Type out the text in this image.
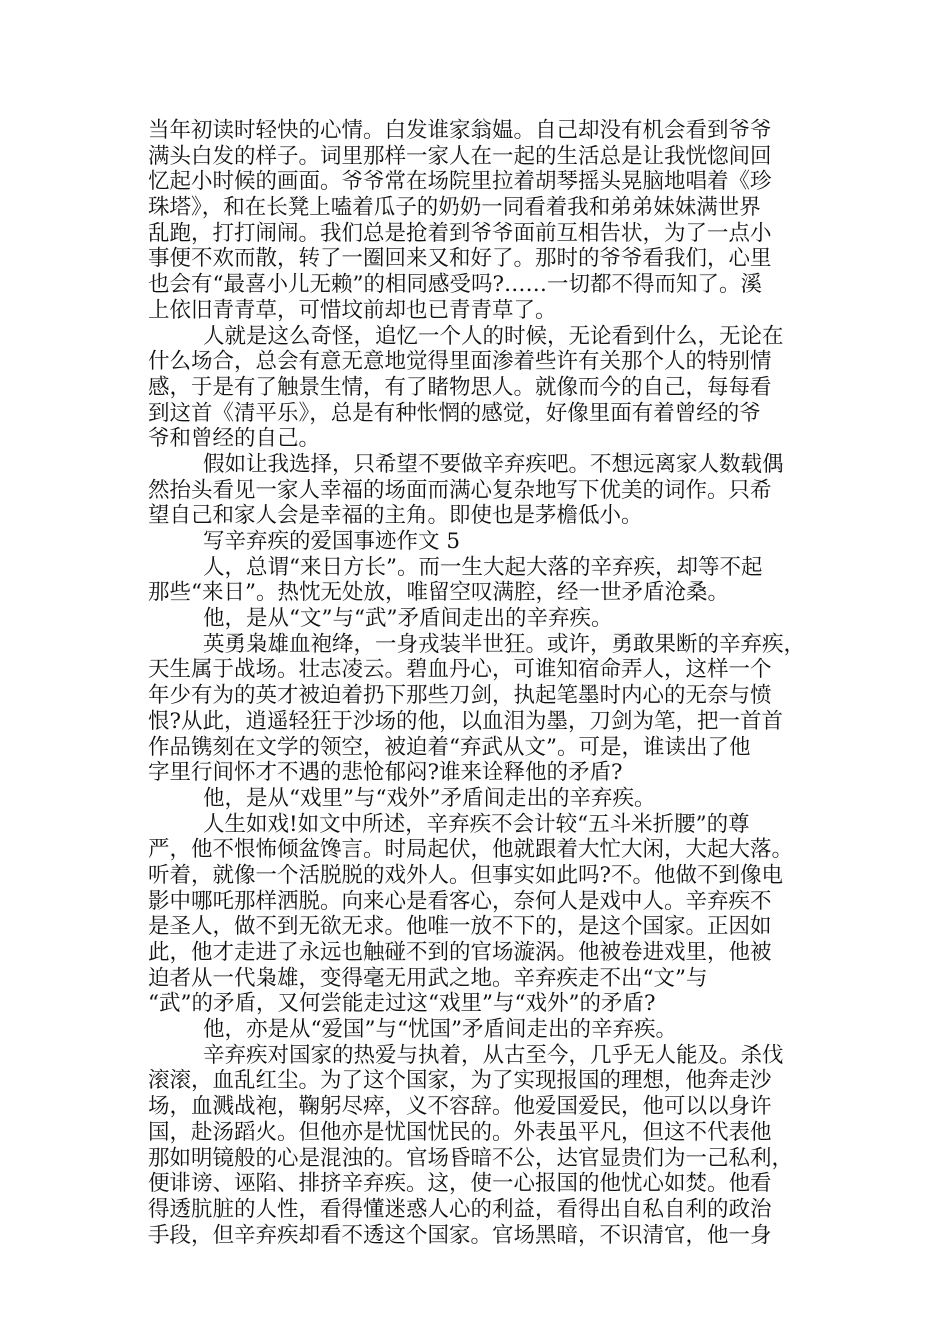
当年初读时轻快的心情。白发谁家翁媪。自己却没有机会看到爷爷
满头白发的样子。词里那样一家人在一起的生活总是让我恍惚间回
忆起小时候的画面。爷爷常在场院里拉着胡琴摇头晃脑地唱着《珍
珠塔》，和在长凳上嗑着瓜子的奶奶一同看着我和弟弟妹妹满世界
乱跑，打打闹闹。我们总是抢着到爷爷面前互相告状，为了一点小
事便不欢而散，转了一圈回来又和好了。那时的爷爷看我们，心里
也会有“最喜小儿无赖”的相同感受吗?……一切都不得而知了。溪
上依旧青青草，可惜坟前却也已青青草了。
人就是这么奇怪，追忆一个人的时候，无论看到什么，无论在
什么场合，总会有意无意地觉得里面渗着些许有关那个人的特别情
感，于是有了触景生情，有了睹物思人。就像而今的自己，每每看
到这首《清平乐》，总是有种怅惘的感觉，好像里面有着曾经的爷
爷和曾经的自己。
假如让我选择，只希望不要做辛弃疾吧。不想远离家人数载偶
然抬头看见一家人幸福的场面而满心复杂地写下优美的词作。只希
望自己和家人会是幸福的主角。即使也是茅檐低小。
写辛弃疾的爱国事迹作文 5
人，总谓“来日方长”。而一生大起大落的辛弃疾，却等不起
那些“来日”。热忱无处放，唯留空叹满腔，经一世矛盾沧桑。
他，是从“文”与“武”矛盾间走出的辛弃疾。
英勇枭雄血袍绛，一身戎装半世狂。或许，勇敢果断的辛弃疾，
天生属于战场。壮志凌云。碧血丹心，可谁知宿命弄人，这样一个
年少有为的英才被迫着扔下那些刀剑，执起笔墨时内心的无奈与愤
恨?从此，逍遥轻狂于沙场的他，以血泪为墨，刀剑为笔，把一首首
作品镌刻在文学的领空，被迫着“弃武从文”。可是，谁读出了他
字里行间怀才不遇的悲怆郁闷?谁来诠释他的矛盾?
他，是从“戏里”与“戏外”矛盾间走出的辛弃疾。
人生如戏!如文中所述，辛弃疾不会计较“五斗米折腰”的尊
严，他不恨怖倾盆馋言。时局起伏，他就跟着大忙大闲，大起大落。
听着，就像一个活脱脱的戏外人。但事实如此吗?不。他做不到像电
影中哪吒那样洒脱。向来心是看客心，奈何人是戏中人。辛弃疾不
是圣人，做不到无欲无求。他唯一放不下的，是这个国家。正因如
此，他才走进了永远也触碰不到的官场漩涡。他被卷进戏里，他被
迫者从一代枭雄，变得毫无用武之地。辛弃疾走不出“文”与
“武”的矛盾，又何尝能走过这“戏里”与“戏外”的矛盾?
他，亦是从“爱国”与“忧国”矛盾间走出的辛弃疾。
辛弃疾对国家的热爱与执着，从古至今，几乎无人能及。杀伐
滚滚，血乱红尘。为了这个国家，为了实现报国的理想，他奔走沙
场，血溅战袍，鞠躬尽瘁，义不容辞。他爱国爱民，他可以以身许
国，赴汤蹈火。但他亦是忧国忧民的。外表虽平凡，但这不代表他
那如明镜般的心是混浊的。官场昏暗不公，达官显贵们为一己私利，
便诽谤、诬陷、排挤辛弃疾。这，使一心报国的他忧心如焚。他看
得透肮脏的人性，看得懂迷惑人心的利益，看得出自私自利的政治
手段，但辛弃疾却看不透这个国家。官场黑暗，不识清官，他一身
